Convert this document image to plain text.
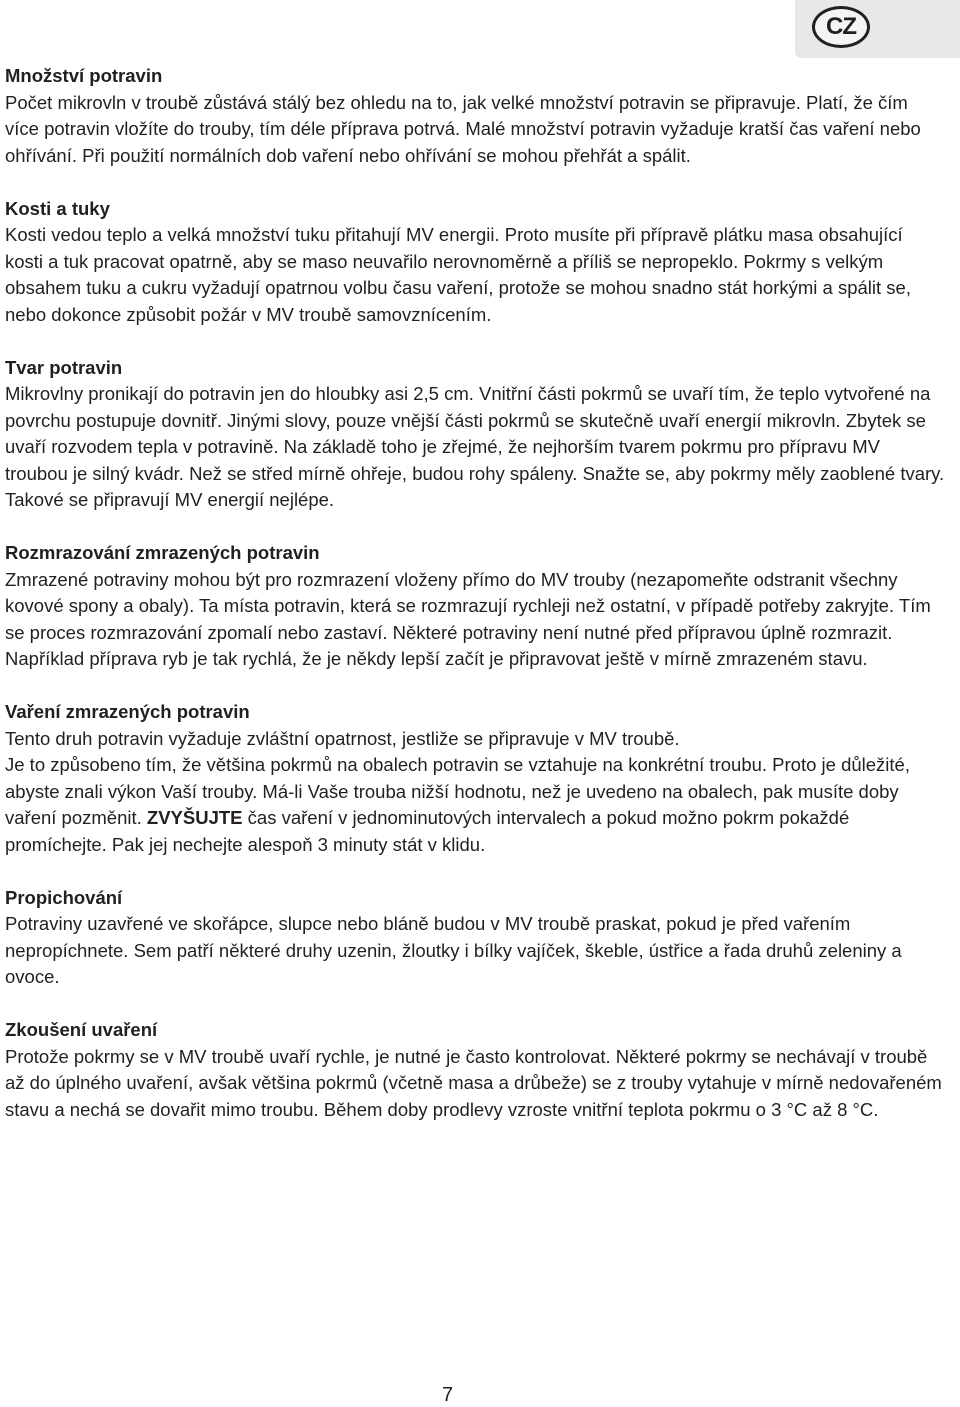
CZ

Množství potravin

Počet mikrovln v troubě zůstává stálý bez ohledu na to, jak velké množství potravin se připravuje. Platí, že čím více potravin vložíte do trouby, tím déle příprava potrvá. Malé množství potravin vyžaduje kratší čas vaření nebo ohřívání. Při použití normálních dob vaření nebo ohřívání se mohou přehřát a spálit.

Kosti a tuky

Kosti vedou teplo a velká množství tuku přitahují MV energii. Proto musíte při přípravě plátku masa obsahující kosti a tuk pracovat opatrně, aby se maso neuvařilo nerovnoměrně a příliš se nepropeklo. Pokrmy s velkým obsahem tuku a cukru vyžadují opatrnou volbu času vaření, protože se mohou snadno stát horkými a spálit se, nebo dokonce způsobit požár v MV troubě samovznícením.

Tvar potravin

Mikrovlny pronikají do potravin jen do hloubky asi 2,5 cm. Vnitřní části pokrmů se uvaří tím, že teplo vytvořené na povrchu postupuje dovnitř. Jinými slovy, pouze vnější části pokrmů se skutečně uvaří energií mikrovln. Zbytek se uvaří rozvodem tepla v potravině. Na základě toho je zřejmé, že nejhorším tvarem pokrmu pro přípravu MV troubou je silný kvádr. Než se střed mírně ohřeje, budou rohy spáleny. Snažte se, aby pokrmy měly zaoblené tvary. Takové se připravují MV energií nejlépe.

Rozmrazování zmrazených potravin

Zmrazené potraviny mohou být pro rozmrazení vloženy přímo do MV trouby (nezapomeňte odstranit všechny kovové spony a obaly). Ta místa potravin, která se rozmrazují rychleji než ostatní, v případě potřeby zakryjte. Tím se proces rozmrazování zpomalí nebo zastaví. Některé potraviny není nutné před přípravou úplně rozmrazit. Například příprava ryb je tak rychlá, že je někdy lepší začít je připravovat ještě v mírně zmrazeném stavu.

Vaření zmrazených potravin

Tento druh potravin vyžaduje zvláštní opatrnost, jestliže se připravuje v MV troubě.

Je to způsobeno tím, že většina pokrmů na obalech potravin se vztahuje na konkrétní troubu. Proto je důležité, abyste znali výkon Vaší trouby. Má-li Vaše trouba nižší hodnotu, než je uvedeno na obalech, pak musíte doby vaření pozměnit. ZVYŠUJTE čas vaření v jednominutových intervalech a pokud možno pokrm pokaždé promíchejte. Pak jej nechejte alespoň 3 minuty stát v klidu.

Propichování

Potraviny uzavřené ve skořápce, slupce nebo bláně budou v MV troubě praskat, pokud je před vařením nepropíchnete. Sem patří některé druhy uzenin, žloutky i bílky vajíček, škeble, ústřice a řada druhů zeleniny a ovoce.

Zkoušení uvaření

Protože pokrmy se v MV troubě uvaří rychle, je nutné je často kontrolovat. Některé pokrmy se nechávají v troubě až do úplného uvaření, avšak většina pokrmů (včetně masa a drůbeže) se z trouby vytahuje v mírně nedovařeném stavu a nechá se dovařit mimo troubu. Během doby prodlevy vzroste vnitřní teplota pokrmu o 3 °C až 8 °C.

7
